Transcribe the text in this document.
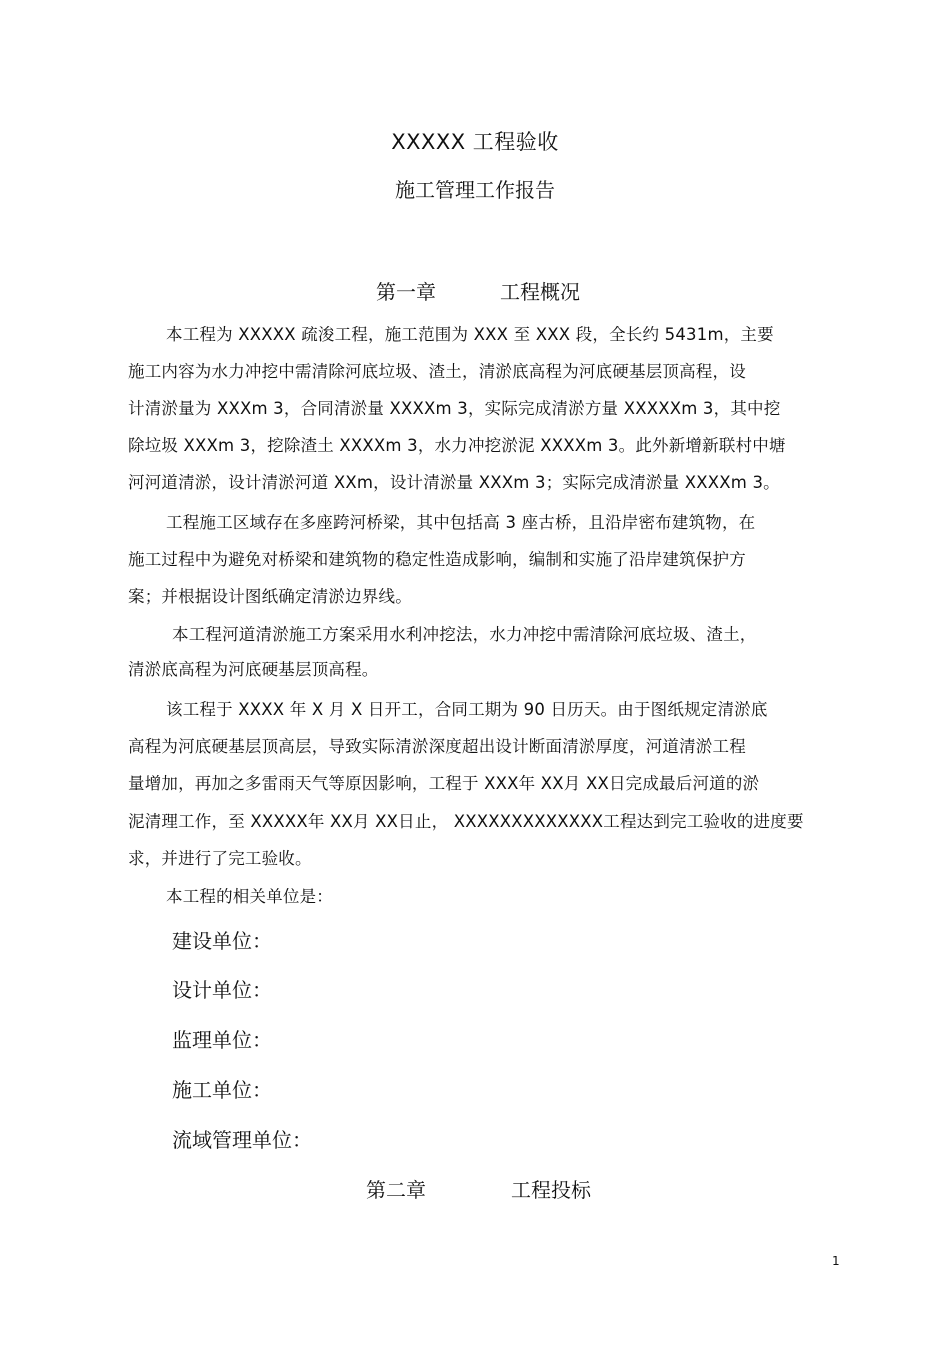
XXXXX 工程验收
施工管理工作报告
第一章	工程概况
本工程为 XXXXX 疏浚工程，施工范围为 XXX 至 XXX 段，全长约 5431m，主要
施工内容为水力冲挖中需清除河底垃圾、渣土，清淤底高程为河底硬基层顶高程，设
计清淤量为 XXXm 3，合同清淤量 XXXXm 3，实际完成清淤方量 XXXXXm 3，其中挖
除垃圾 XXXm 3，挖除渣土 XXXXm 3，水力冲挖淤泥 XXXXm 3。此外新增新联村中塘
河河道清淤，设计清淤河道 XXm，设计清淤量 XXXm 3；实际完成清淤量 XXXXm 3。
工程施工区域存在多座跨河桥梁，其中包括高 3 座古桥，且沿岸密布建筑物，在
施工过程中为避免对桥梁和建筑物的稳定性造成影响，编制和实施了沿岸建筑保护方
案；并根据设计图纸确定清淤边界线。
本工程河道清淤施工方案采用水利冲挖法，水力冲挖中需清除河底垃圾、渣土，
清淤底高程为河底硬基层顶高程。
该工程于 XXXX 年 X 月 X 日开工，合同工期为 90 日历天。由于图纸规定清淤底
高程为河底硬基层顶高层，导致实际清淤深度超出设计断面清淤厚度，河道清淤工程
量增加，再加之多雷雨天气等原因影响，工程于 XXX年 XX月 XX日完成最后河道的淤
泥清理工作，至 XXXXX年 XX月 XX日止， XXXXXXXXXXXXX工程达到完工验收的进度要
求，并进行了完工验收。
本工程的相关单位是：
建设单位：
设计单位：
监理单位：
施工单位：
流域管理单位：
第二章	工程投标
1
